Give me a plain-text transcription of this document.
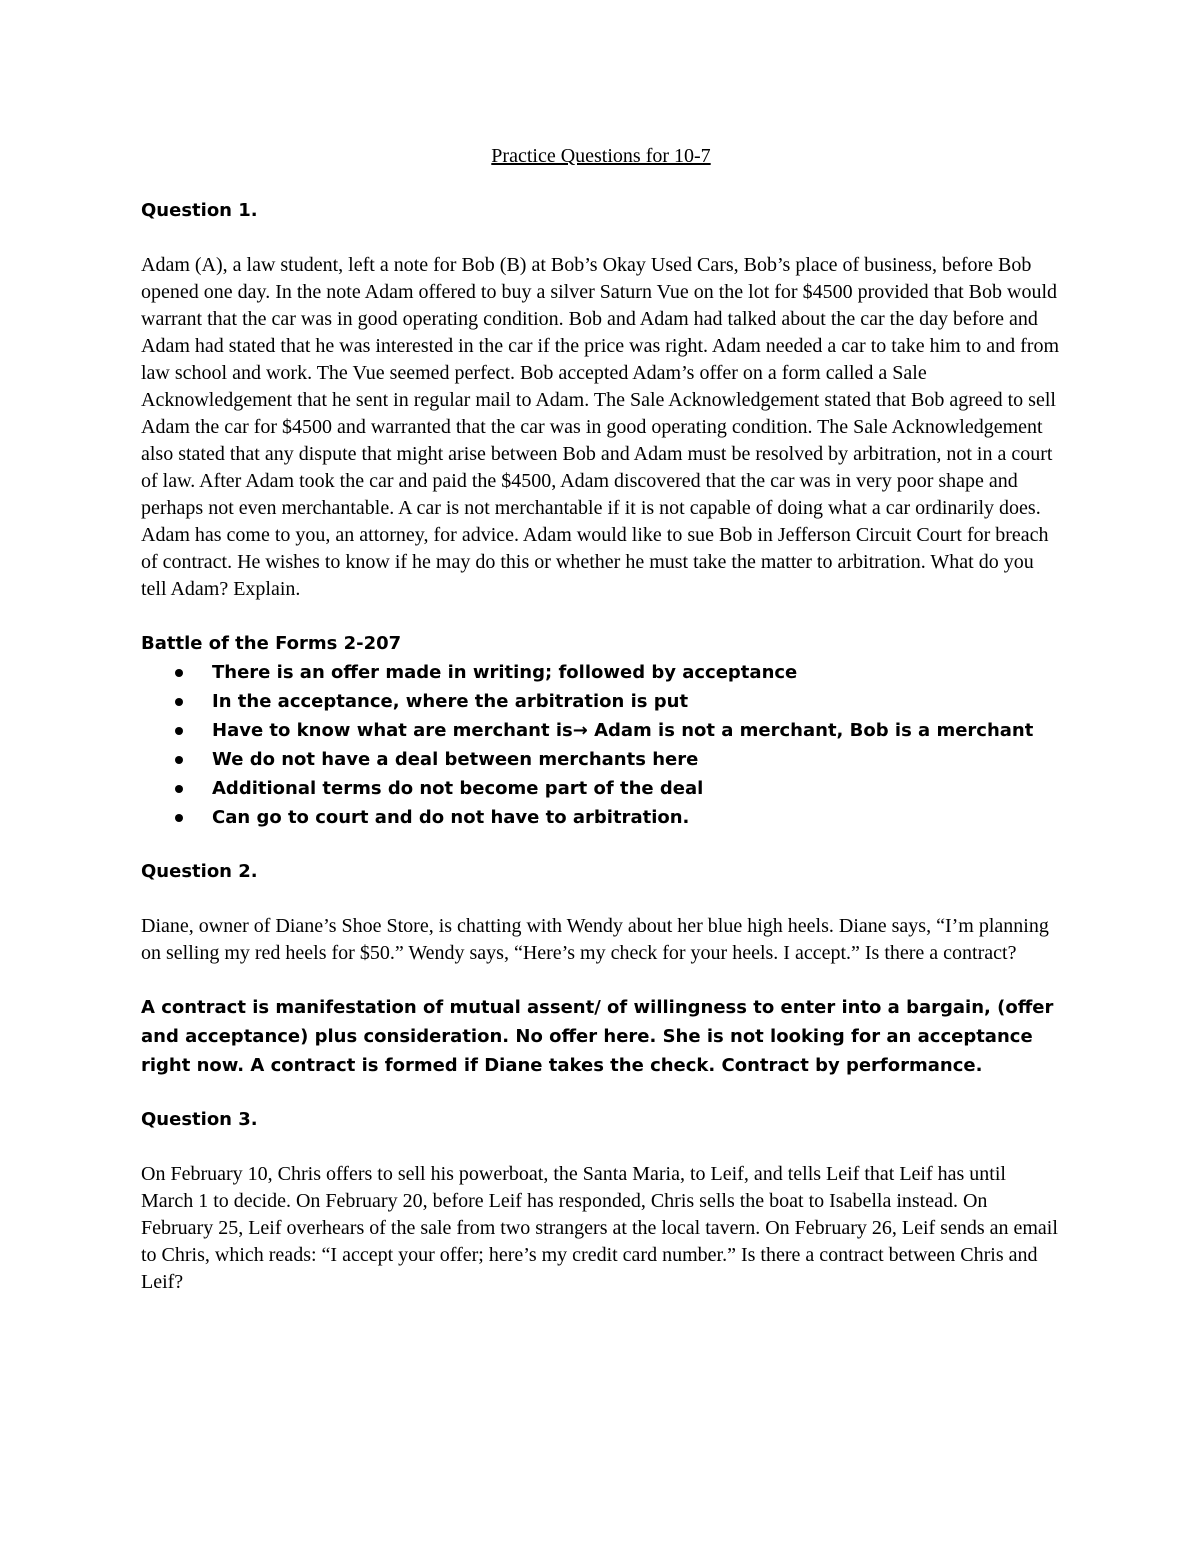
Practice Questions for 10-7
Question 1.
Adam (A), a law student, left a note for Bob (B) at Bob’s Okay Used Cars, Bob’s place of business, before Bob opened one day. In the note Adam offered to buy a silver Saturn Vue on the lot for $4500 provided that Bob would warrant that the car was in good operating condition. Bob and Adam had talked about the car the day before and Adam had stated that he was interested in the car if the price was right. Adam needed a car to take him to and from law school and work. The Vue seemed perfect. Bob accepted Adam’s offer on a form called a Sale Acknowledgement that he sent in regular mail to Adam. The Sale Acknowledgement stated that Bob agreed to sell Adam the car for $4500 and warranted that the car was in good operating condition. The Sale Acknowledgement also stated that any dispute that might arise between Bob and Adam must be resolved by arbitration, not in a court of law. After Adam took the car and paid the $4500, Adam discovered that the car was in very poor shape and perhaps not even merchantable. A car is not merchantable if it is not capable of doing what a car ordinarily does. Adam has come to you, an attorney, for advice. Adam would like to sue Bob in Jefferson Circuit Court for breach of contract. He wishes to know if he may do this or whether he must take the matter to arbitration. What do you tell Adam? Explain.
Battle of the Forms 2-207
There is an offer made in writing; followed by acceptance
In the acceptance, where the arbitration is put
Have to know what are merchant is→ Adam is not a merchant, Bob is a merchant
We do not have a deal between merchants here
Additional terms do not become part of the deal
Can go to court and do not have to arbitration.
Question 2.
Diane, owner of Diane’s Shoe Store, is chatting with Wendy about her blue high heels. Diane says, “I’m planning on selling my red heels for $50.” Wendy says, “Here’s my check for your heels. I accept.” Is there a contract?
A contract is manifestation of mutual assent/ of willingness to enter into a bargain, (offer and acceptance) plus consideration. No offer here. She is not looking for an acceptance right now. A contract is formed if Diane takes the check. Contract by performance.
Question 3.
On February 10, Chris offers to sell his powerboat, the Santa Maria, to Leif, and tells Leif that Leif has until March 1 to decide. On February 20, before Leif has responded, Chris sells the boat to Isabella instead. On February 25, Leif overhears of the sale from two strangers at the local tavern. On February 26, Leif sends an email to Chris, which reads: “I accept your offer; here’s my credit card number.” Is there a contract between Chris and Leif?
